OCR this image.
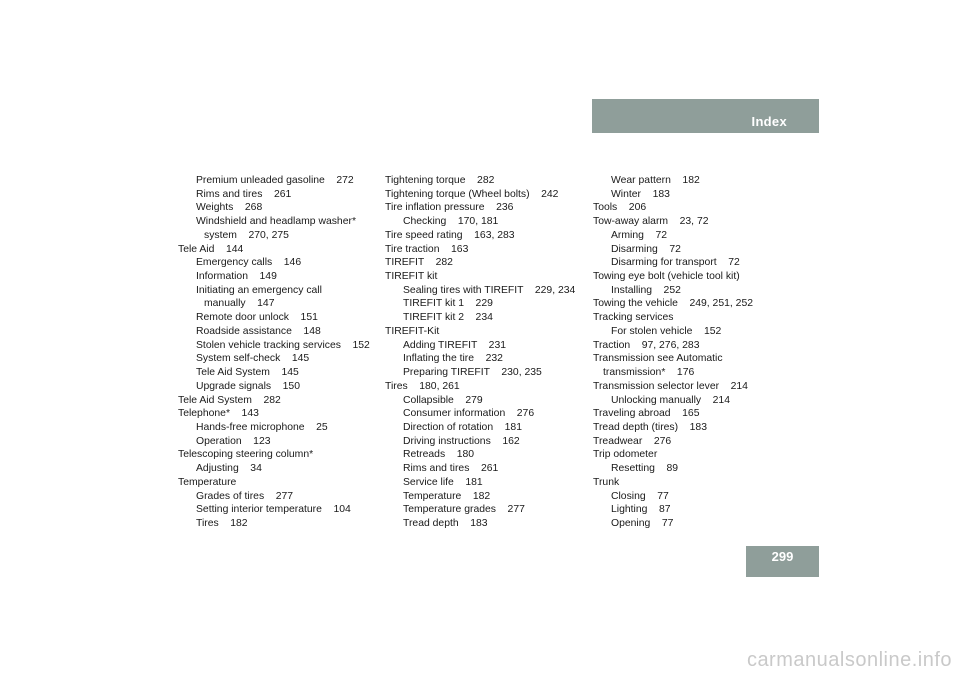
Index
Premium unleaded gasoline    272
Rims and tires    261
Weights    268
Windshield and headlamp washer*
system    270, 275
Tele Aid    144
Emergency calls    146
Information    149
Initiating an emergency call
manually    147
Remote door unlock    151
Roadside assistance    148
Stolen vehicle tracking services    152
System self-check    145
Tele Aid System    145
Upgrade signals    150
Tele Aid System    282
Telephone*    143
Hands-free microphone    25
Operation    123
Telescoping steering column*
Adjusting    34
Temperature
Grades of tires    277
Setting interior temperature    104
Tires    182
Tightening torque    282
Tightening torque (Wheel bolts)    242
Tire inflation pressure    236
Checking    170, 181
Tire speed rating    163, 283
Tire traction    163
TIREFIT    282
TIREFIT kit
Sealing tires with TIREFIT    229, 234
TIREFIT kit 1    229
TIREFIT kit 2    234
TIREFIT-Kit
Adding TIREFIT    231
Inflating the tire    232
Preparing TIREFIT    230, 235
Tires    180, 261
Collapsible    279
Consumer information    276
Direction of rotation    181
Driving instructions    162
Retreads    180
Rims and tires    261
Service life    181
Temperature    182
Temperature grades    277
Tread depth    183
Wear pattern    182
Winter    183
Tools    206
Tow-away alarm    23, 72
Arming    72
Disarming    72
Disarming for transport    72
Towing eye bolt (vehicle tool kit)
Installing    252
Towing the vehicle    249, 251, 252
Tracking services
For stolen vehicle    152
Traction    97, 276, 283
Transmission see Automatic
transmission*    176
Transmission selector lever    214
Unlocking manually    214
Traveling abroad    165
Tread depth (tires)    183
Treadwear    276
Trip odometer
Resetting    89
Trunk
Closing    77
Lighting    87
Opening    77
299
carmanualsonline.info
